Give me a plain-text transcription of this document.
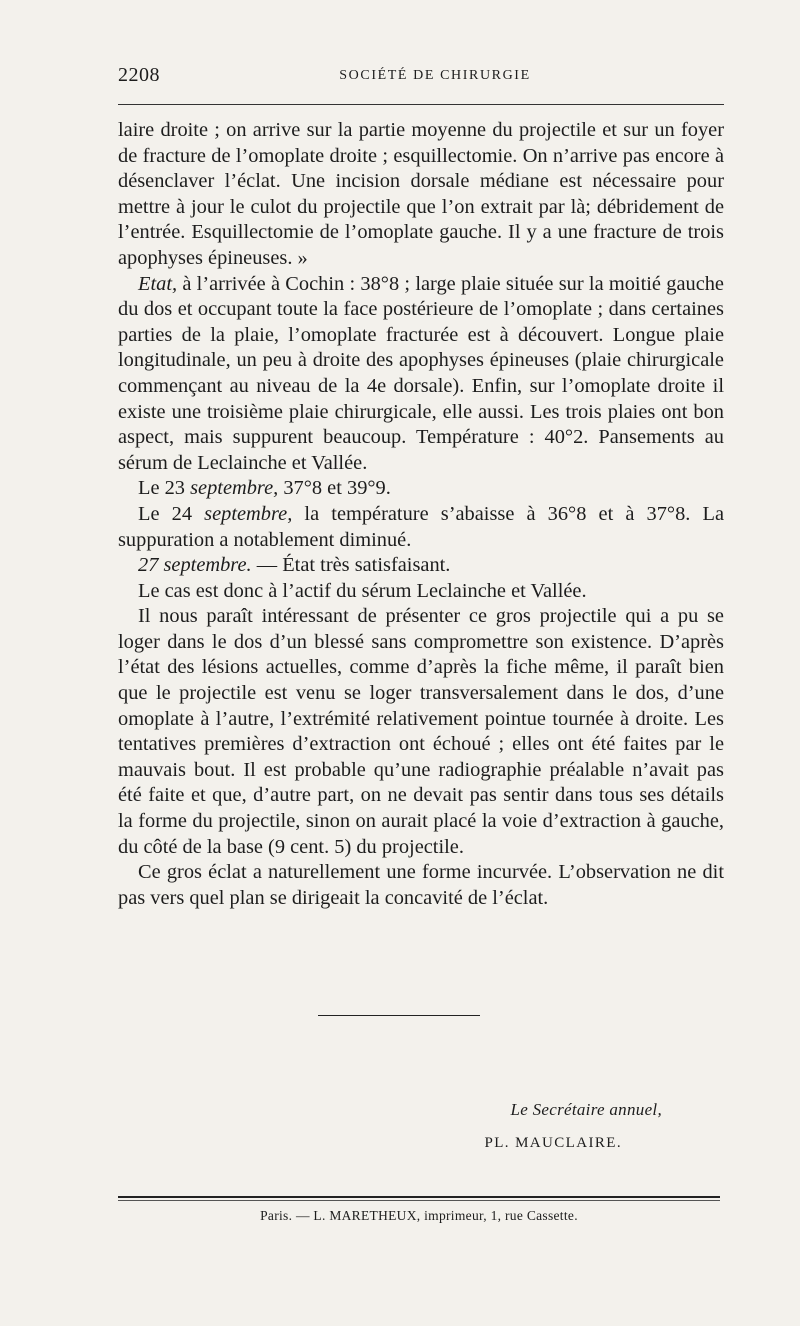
2208	SOCIÉTÉ DE CHIRURGIE

laire droite ; on arrive sur la partie moyenne du projectile et sur un foyer de fracture de l’omoplate droite ; esquillectomie. On n’arrive pas encore à désenclaver l’éclat. Une incision dorsale médiane est nécessaire pour mettre à jour le culot du projectile que l’on extrait par là; débridement de l’entrée. Esquillectomie de l’omoplate gauche. Il y a une fracture de trois apophyses épineuses. »

Etat, à l’arrivée à Cochin : 38°8 ; large plaie située sur la moitié gauche du dos et occupant toute la face postérieure de l’omoplate ; dans certaines parties de la plaie, l’omoplate fracturée est à découvert. Longue plaie longitudinale, un peu à droite des apophyses épineuses (plaie chirurgicale commençant au niveau de la 4e dorsale). Enfin, sur l’omoplate droite il existe une troisième plaie chirurgicale, elle aussi. Les trois plaies ont bon aspect, mais suppurent beaucoup. Température : 40°2. Pansements au sérum de Leclainche et Vallée.

Le 23 septembre, 37°8 et 39°9.

Le 24 septembre, la température s’abaisse à 36°8 et à 37°8. La suppuration a notablement diminué.

27 septembre. — État très satisfaisant.

Le cas est donc à l’actif du sérum Leclainche et Vallée.

Il nous paraît intéressant de présenter ce gros projectile qui a pu se loger dans le dos d’un blessé sans compromettre son existence. D’après l’état des lésions actuelles, comme d’après la fiche même, il paraît bien que le projectile est venu se loger transversalement dans le dos, d’une omoplate à l’autre, l’extrémité relativement pointue tournée à droite. Les tentatives premières d’extraction ont échoué ; elles ont été faites par le mauvais bout. Il est probable qu’une radiographie préalable n’avait pas été faite et que, d’autre part, on ne devait pas sentir dans tous ses détails la forme du projectile, sinon on aurait placé la voie d’extraction à gauche, du côté de la base (9 cent. 5) du projectile.

Ce gros éclat a naturellement une forme incurvée. L’observation ne dit pas vers quel plan se dirigeait la concavité de l’éclat.

Le Secrétaire annuel,
PL. MAUCLAIRE.
Paris. — L. MARETHEUX, imprimeur, 1, rue Cassette.
